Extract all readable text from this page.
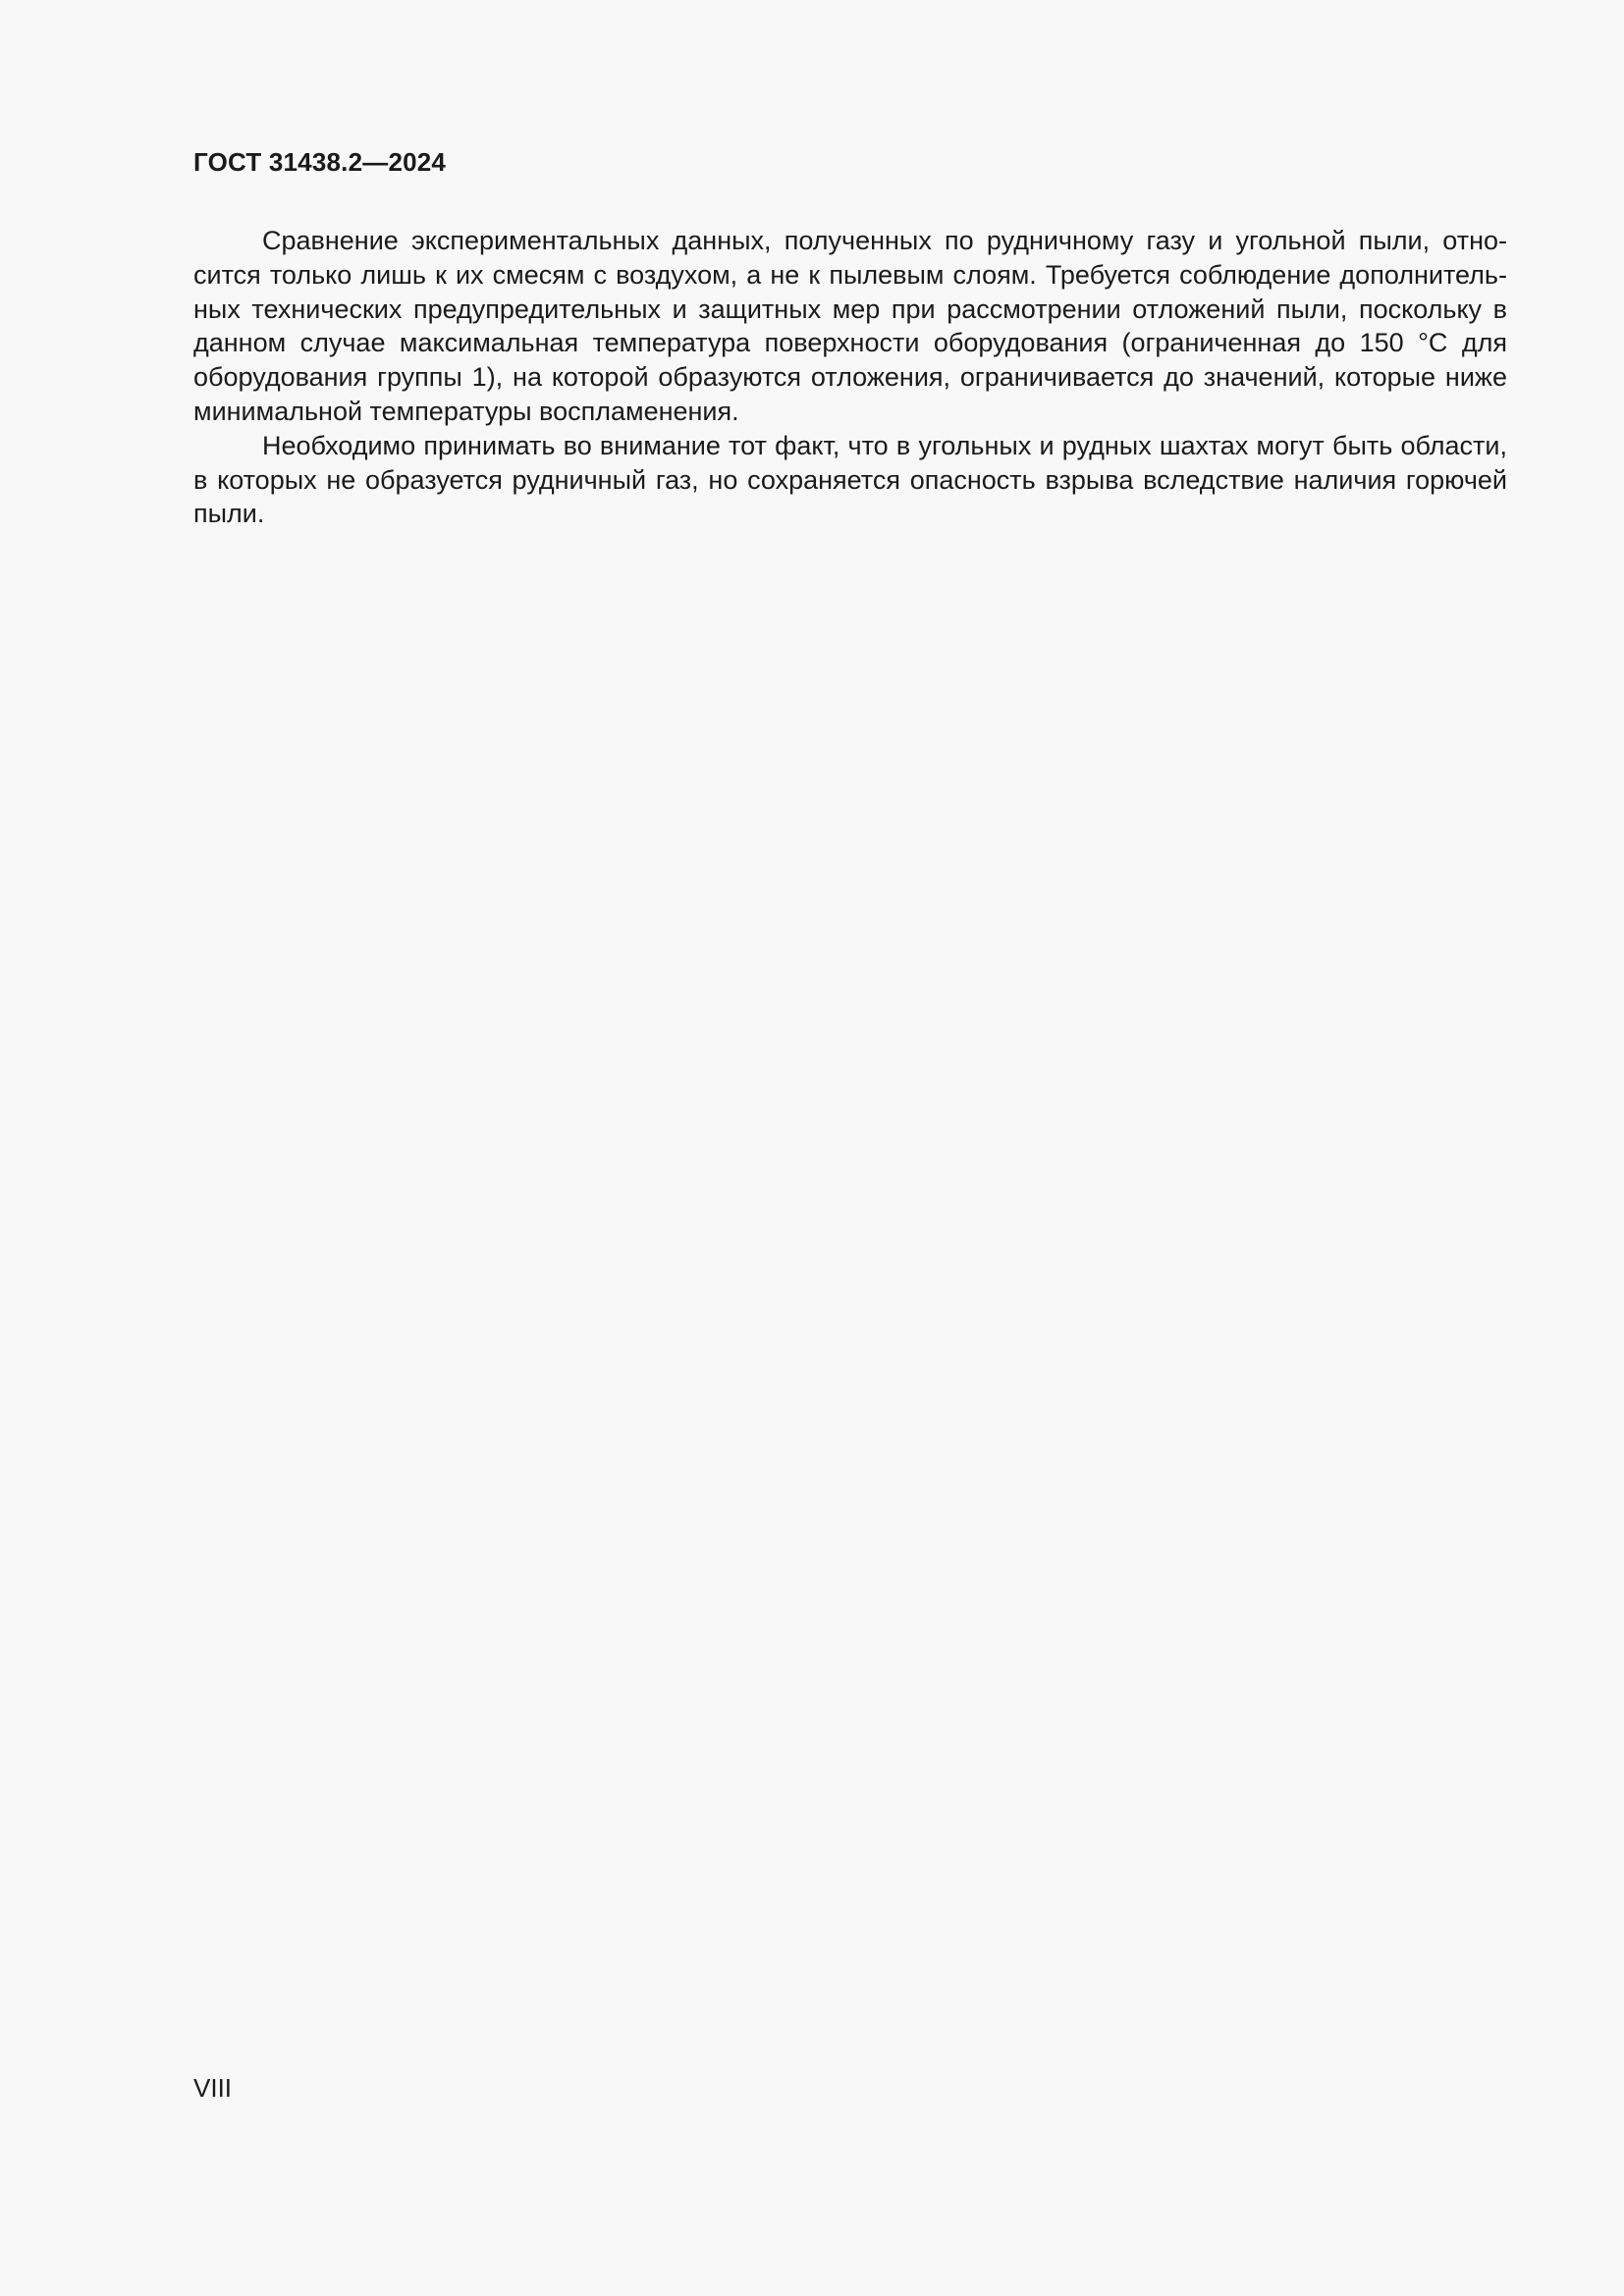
ГОСТ 31438.2—2024

Сравнение экспериментальных данных, полученных по рудничному газу и угольной пыли, относится только лишь к их смесям с воздухом, а не к пылевым слоям. Требуется соблюдение дополнительных технических предупредительных и защитных мер при рассмотрении отложений пыли, поскольку в данном случае максимальная температура поверхности оборудования (ограниченная до 150 °С для оборудования группы 1), на которой образуются отложения, ограничивается до значений, которые ниже минимальной температуры воспламенения.

Необходимо принимать во внимание тот факт, что в угольных и рудных шахтах могут быть области, в которых не образуется рудничный газ, но сохраняется опасность взрыва вследствие наличия горючей пыли.

VIII
